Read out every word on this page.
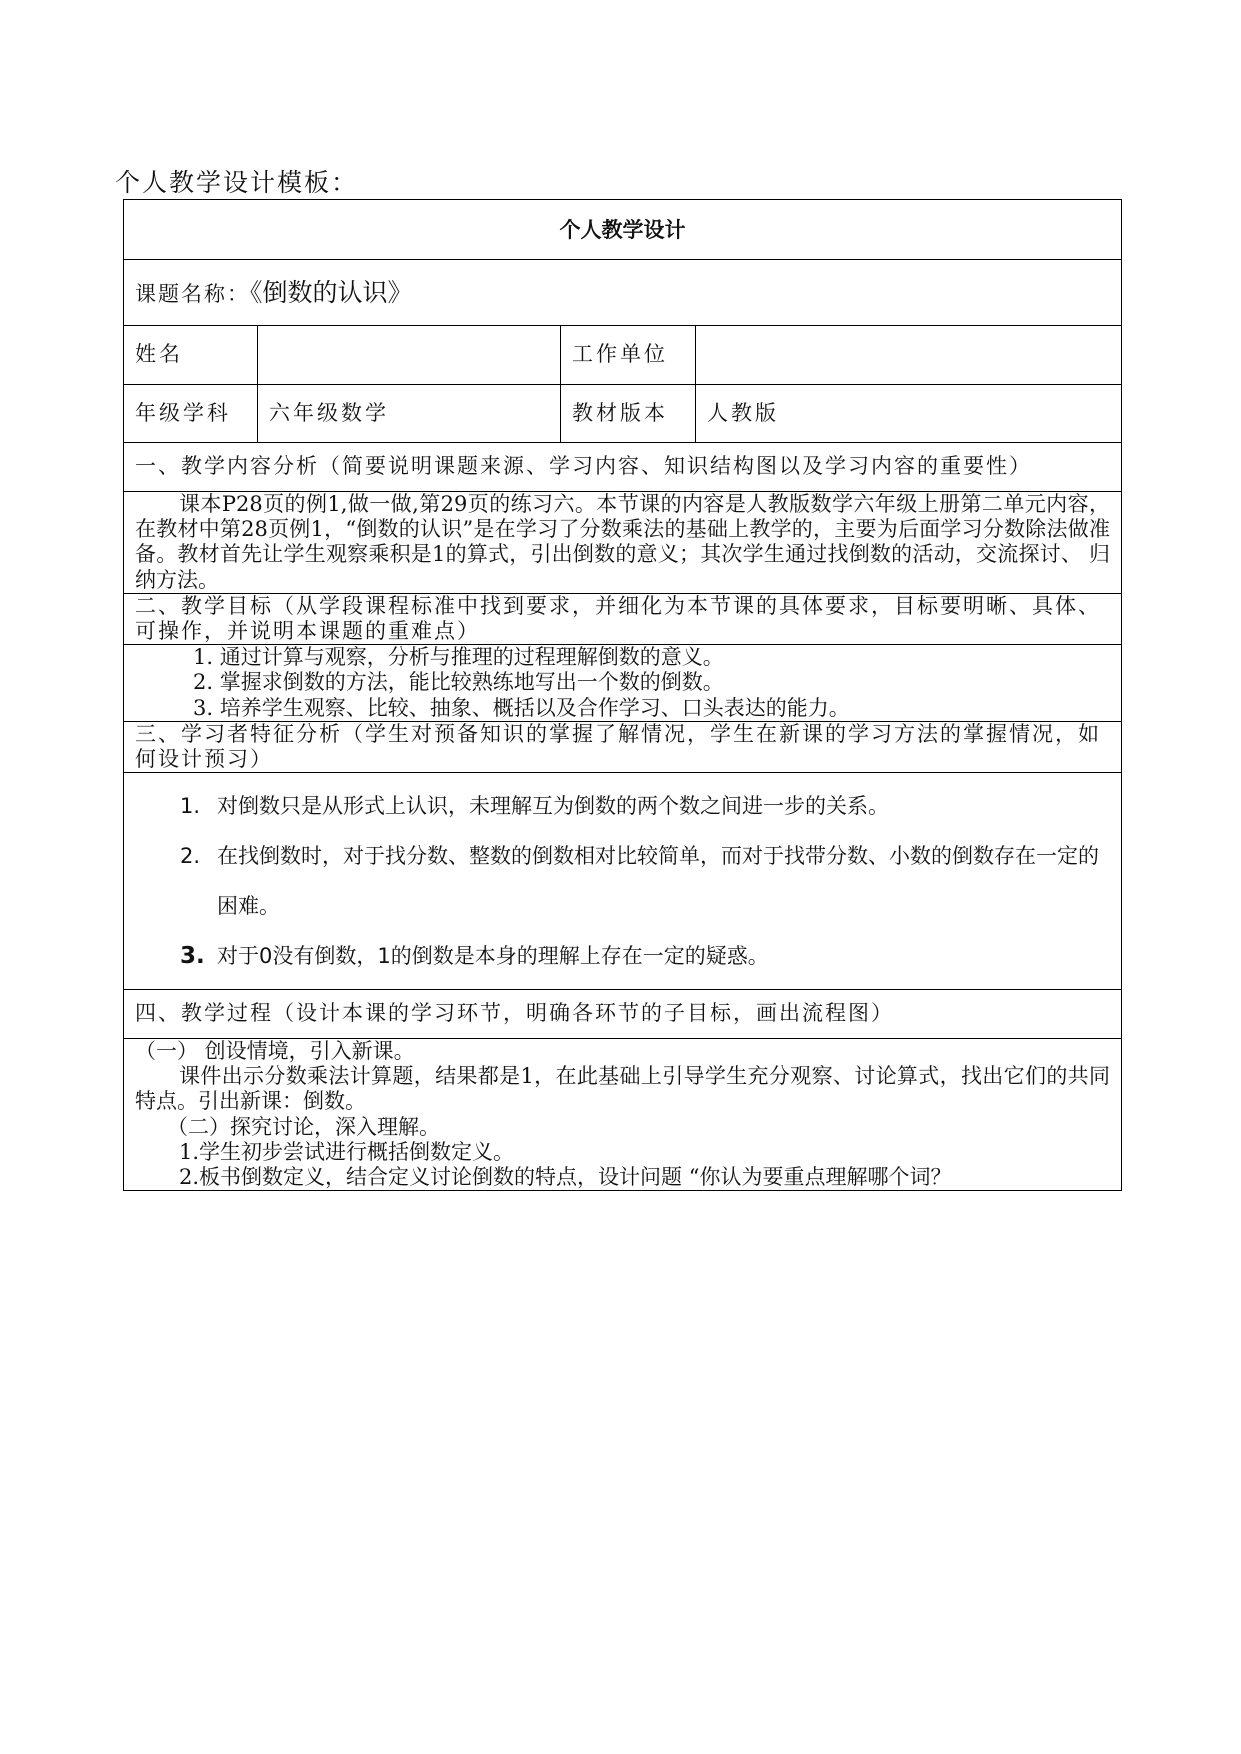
个人教学设计模板：
个人教学设计			
课题名称：《倒数的认识》			
姓名		工作单位	
年级学科	六年级数学	教材版本	人教版
一、教学内容分析（简要说明课题来源、学习内容、知识结构图以及学习内容的重要性）			

课本P28页的例1,做一做,第29页的练习六。本节课的内容是人教版数学六年级上册第二单元内容，在教材中第28页例1，“倒数的认识”是在学习了分数乘法的基础上教学的，主要为后面学习分数除法做准备。教材首先让学生观察乘积是1的算式，引出倒数的意义；其次学生通过找倒数的活动，交流探讨、 归纳方法。			

二、教学目标（从学段课程标准中找到要求，并细化为本节课的具体要求，目标要明晰、具体、可操作，并说明本课题的重难点）			

1. 通过计算与观察，分析与推理的过程理解倒数的意义。

2. 掌握求倒数的方法，能比较熟练地写出一个数的倒数。

3. 培养学生观察、比较、抽象、概括以及合作学习、口头表达的能力。			

三、学习者特征分析（学生对预备知识的掌握了解情况，学生在新课的学习方法的掌握情况，如何设计预习）			

1. 对倒数只是从形式上认识，未理解互为倒数的两个数之间进一步的关系。

2. 在找倒数时，对于找分数、整数的倒数相对比较简单，而对于找带分数、小数的倒数存在一定的困难。

3. 对于0没有倒数，1的倒数是本身的理解上存在一定的疑惑。			

四、教学过程（设计本课的学习环节，明确各环节的子目标，画出流程图）			

（一） 创设情境，引入新课。

课件出示分数乘法计算题，结果都是1，在此基础上引导学生充分观察、讨论算式，找出它们的共同特点。引出新课：倒数。

（二）探究讨论，深入理解。

1.学生初步尝试进行概括倒数定义。

2.板书倒数定义，结合定义讨论倒数的特点，设计问题 “你认为要重点理解哪个词？			
